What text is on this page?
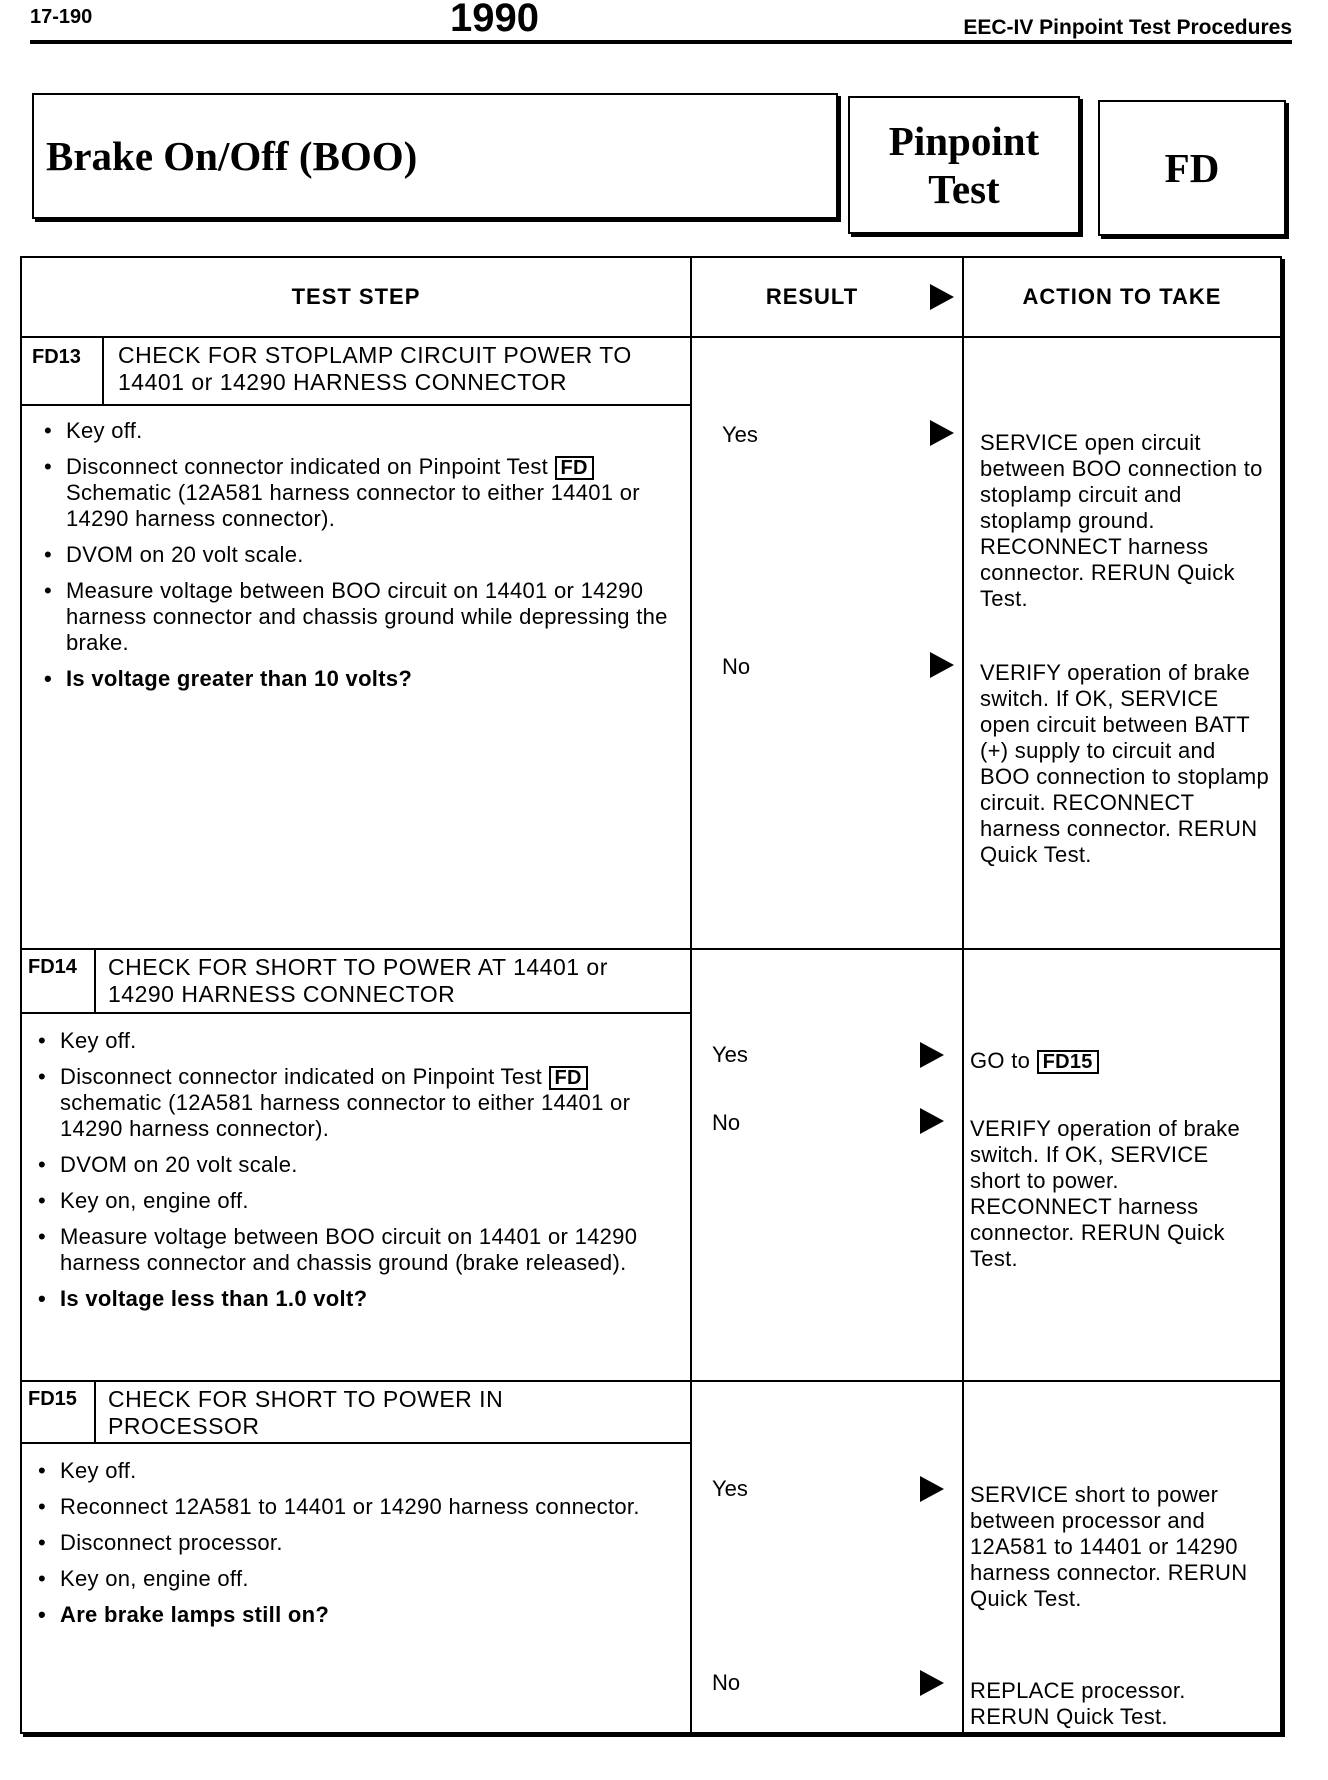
17-190	1990	EEC-IV Pinpoint Test Procedures
Brake On/Off (BOO)	Pinpoint
Test	FD
TEST STEP	RESULT	ACTION TO TAKE
FD13 CHECK FOR STOPLAMP CIRCUIT POWER TO 14401 or 14290 HARNESS CONNECTOR
• Key off.
• Disconnect connector indicated on Pinpoint Test FD Schematic (12A581 harness connector to either 14401 or 14290 harness connector).
• DVOM on 20 volt scale.
• Measure voltage between BOO circuit on 14401 or 14290 harness connector and chassis ground while depressing the brake.
• Is voltage greater than 10 volts?
Yes	SERVICE open circuit between BOO connection to stoplamp circuit and stoplamp ground. RECONNECT harness connector. RERUN Quick Test.
No	VERIFY operation of brake switch. If OK, SERVICE open circuit between BATT (+) supply to circuit and BOO connection to stoplamp circuit. RECONNECT harness connector. RERUN Quick Test.
FD14 CHECK FOR SHORT TO POWER AT 14401 or 14290 HARNESS CONNECTOR
• Key off.
• Disconnect connector indicated on Pinpoint Test FD schematic (12A581 harness connector to either 14401 or 14290 harness connector).
• DVOM on 20 volt scale.
• Key on, engine off.
• Measure voltage between BOO circuit on 14401 or 14290 harness connector and chassis ground (brake released).
• Is voltage less than 1.0 volt?
Yes	GO to FD15
No	VERIFY operation of brake switch. If OK, SERVICE short to power. RECONNECT harness connector. RERUN Quick Test.
FD15 CHECK FOR SHORT TO POWER IN PROCESSOR
• Key off.
• Reconnect 12A581 to 14401 or 14290 harness connector.
• Disconnect processor.
• Key on, engine off.
• Are brake lamps still on?
Yes	SERVICE short to power between processor and 12A581 to 14401 or 14290 harness connector. RERUN Quick Test.
No	REPLACE processor. RERUN Quick Test.
